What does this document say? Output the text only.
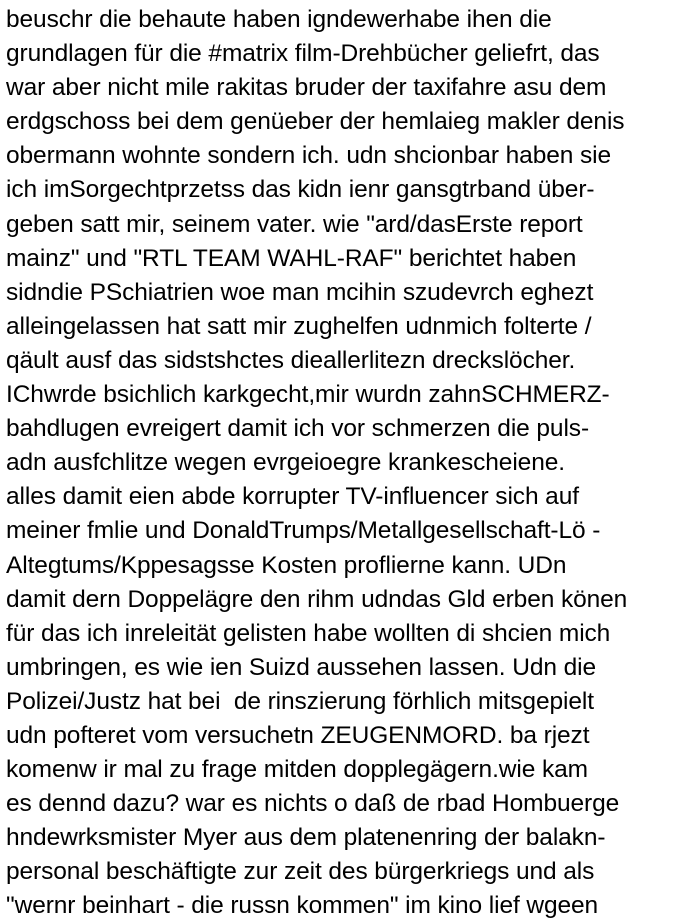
beuschr die behaute haben igndewerhabe ihen die
grundlagen für die #matrix film-Drehbücher geliefrt, das
war aber nicht mile rakitas bruder der taxifahre asu dem
erdgschoss bei dem genüeber der hemlaieg makler denis
obermann wohnte sondern ich. udn shcionbar haben sie
ich imSorgechtprzetss das kidn ienr gansgtrband über-
geben satt mir, seinem vater. wie "ard/dasErste report
mainz" und "RTL TEAM WAHL-RAF" berichtet haben
sidndie PSchiatrien woe man mcihin szudevrch eghezt
alleingelassen hat satt mir zughelfen udnmich folterte /
qäult ausf das sidstshctes dieallerlitezn dreckslöcher.
IChwrde bsichlich karkgecht,mir wurdn zahnSCHMERZ-
bahdlugen evreigert damit ich vor schmerzen die puls-
adn ausfchlitze wegen evrgeioegre krankescheiene.
alles damit eien abde korrupter TV-influencer sich auf
meiner fmlie und DonaldTrumps/Metallgesellschaft-Lö -
Altegtums/Kppesagsse Kosten proflierne kann. UDn
damit dern Doppelägre den rihm udndas Gld erben könen
für das ich inreleität gelisten habe wollten di shcien mich
umbringen, es wie ien Suizd aussehen lassen. Udn die
Polizei/Justz hat bei  de rinszierung förhlich mitsgepielt
udn pofteret vom versuchetn ZEUGENMORD. ba rjezt
komenw ir mal zu frage mitden dopplegägern.wie kam
es dennd dazu? war es nichts o daß de rbad Hombuerge
hndewrksmister Myer aus dem platenenring der balakn-
personal beschäftigte zur zeit des bürgerkriegs und als
"wernr beinhart - die russn kommen" im kino lief wgeen
